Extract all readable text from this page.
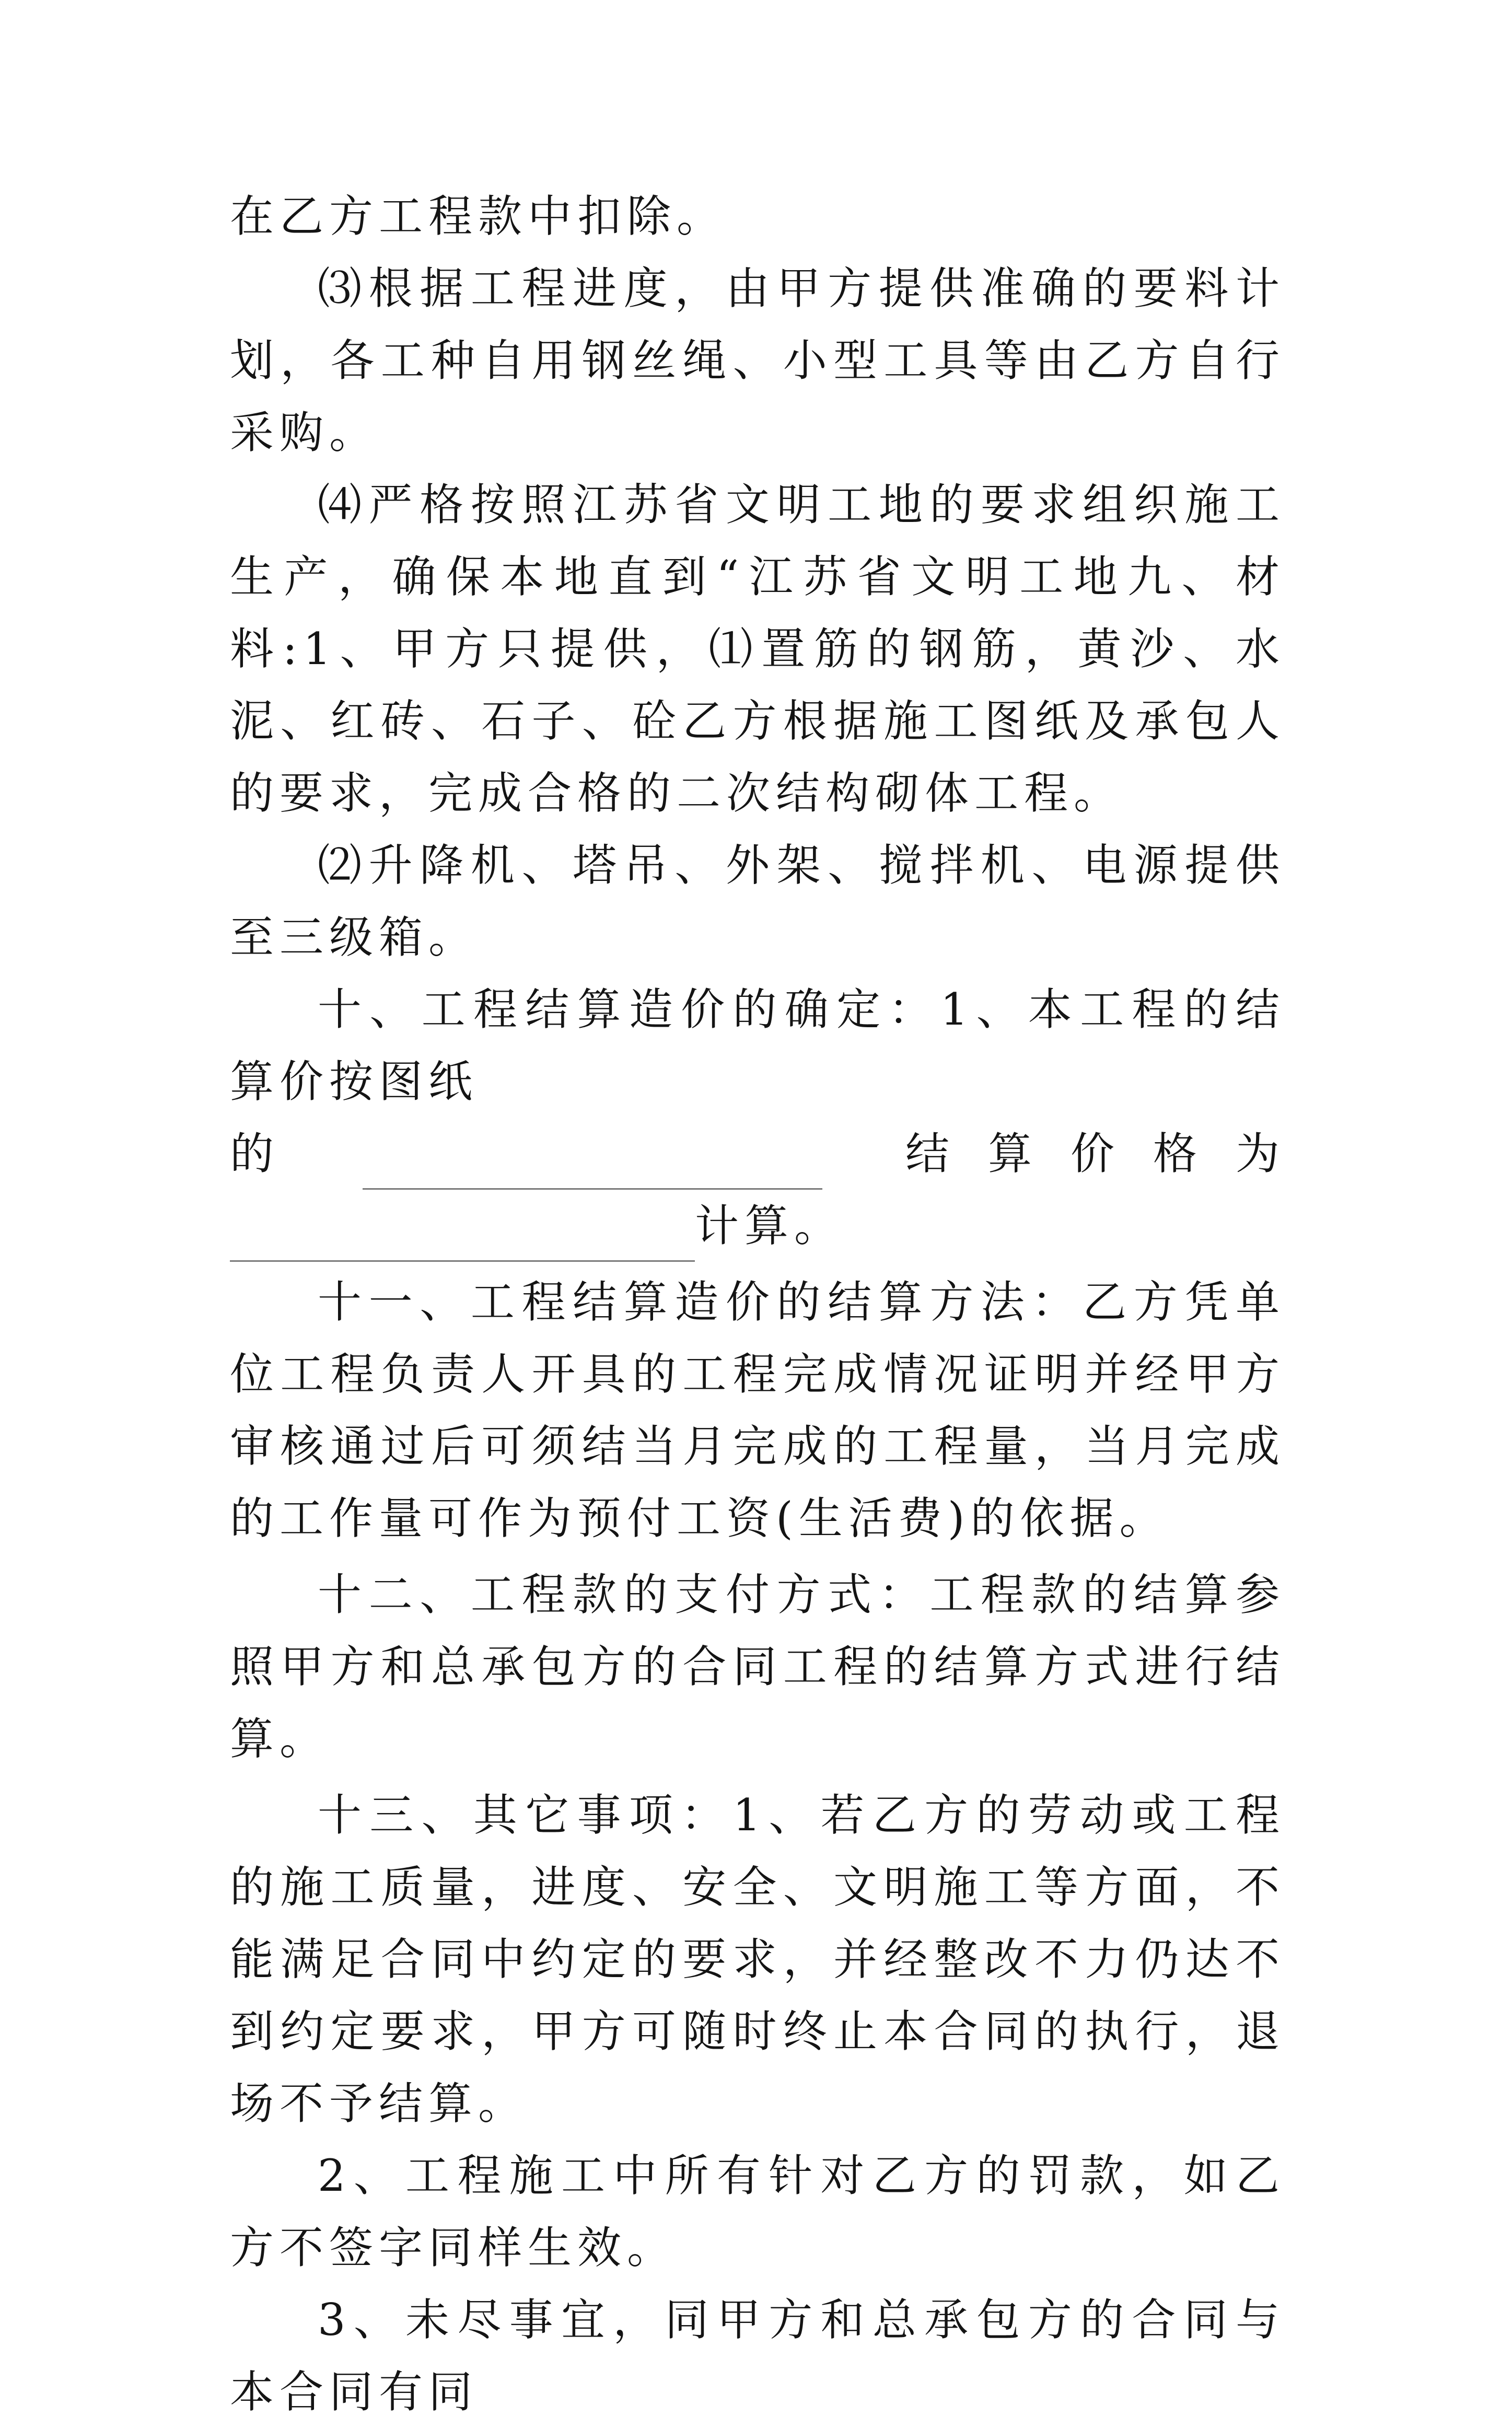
在乙方工程款中扣除。

⑶根据工程进度，由甲方提供准确的要料计划，各工种自用钢丝绳、小型工具等由乙方自行采购。

⑷严格按照江苏省文明工地的要求组织施工生产，确保本地直到“江苏省文明工地九、材料:1、甲方只提供，⑴置筋的钢筋，黄沙、水泥、红砖、石子、砼乙方根据施工图纸及承包人的要求，完成合格的二次结构砌体工程。

⑵升降机、塔吊、外架、搅拌机、电源提供至三级箱。

十、工程结算造价的确定：1、本工程的结算价按图纸

的	结 算 价 格 为
计算。

十一、工程结算造价的结算方法：乙方凭单位工程负责人开具的工程完成情况证明并经甲方审核通过后可须结当月完成的工程量，当月完成的工作量可作为预付工资(生活费)的依据。

十二、工程款的支付方式：工程款的结算参照甲方和总承包方的合同工程的结算方式进行结算。

十三、其它事项：1、若乙方的劳动或工程的施工质量，进度、安全、文明施工等方面，不能满足合同中约定的要求，并经整改不力仍达不到约定要求，甲方可随时终止本合同的执行，退场不予结算。

2、工程施工中所有针对乙方的罚款，如乙方不签字同样生效。

3、未尽事宜，同甲方和总承包方的合同与本合同有同
